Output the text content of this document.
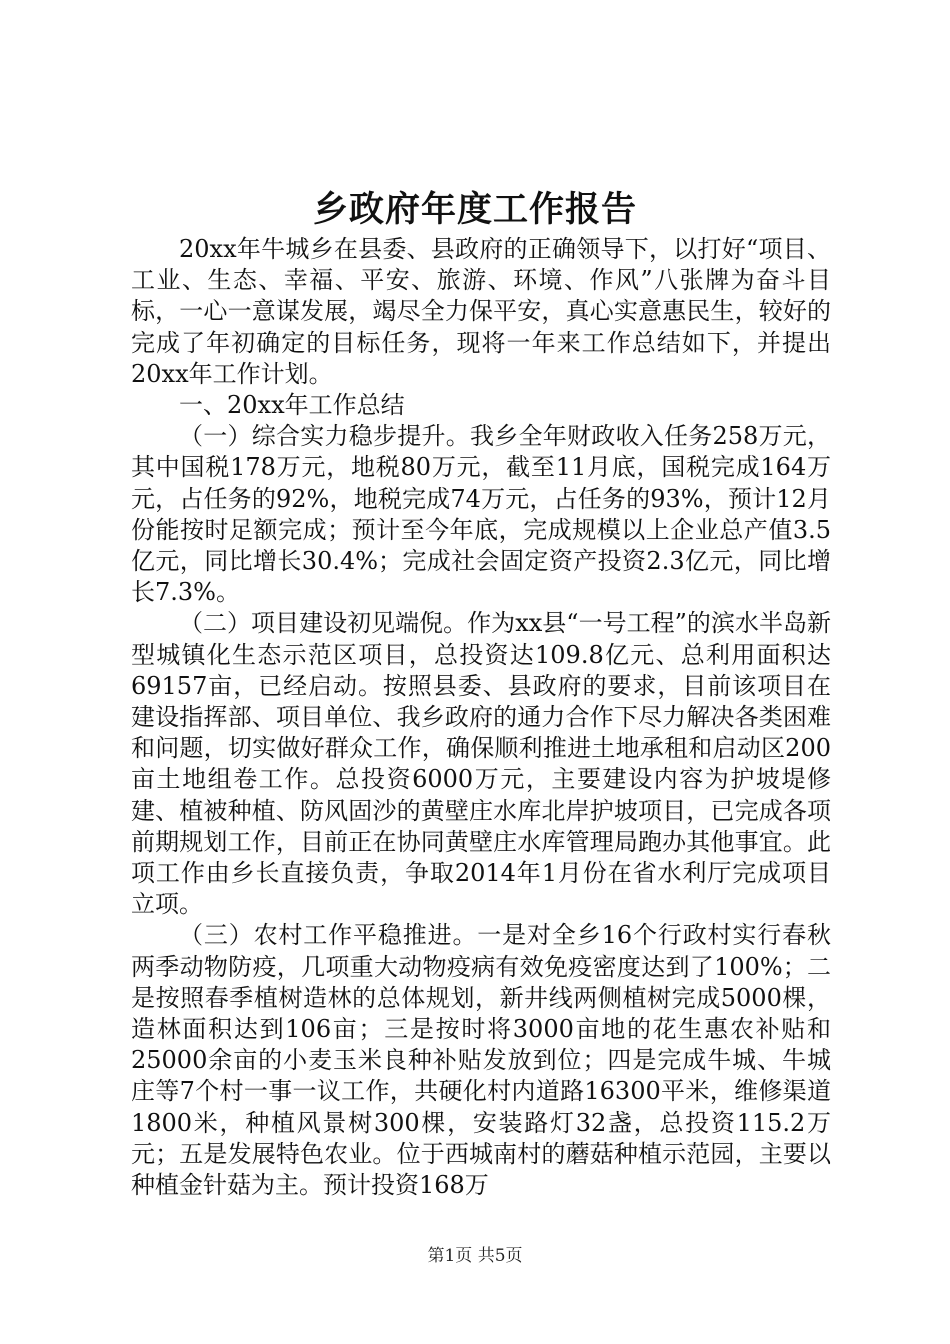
乡政府年度工作报告

20xx年牛城乡在县委、县政府的正确领导下，以打好“项目、工业、生态、幸福、平安、旅游、环境、作风”八张牌为奋斗目标，一心一意谋发展，竭尽全力保平安，真心实意惠民生，较好的完成了年初确定的目标任务，现将一年来工作总结如下，并提出20xx年工作计划。

一、20xx年工作总结

（一）综合实力稳步提升。我乡全年财政收入任务258万元，其中国税178万元，地税80万元，截至11月底，国税完成164万元，占任务的92%，地税完成74万元，占任务的93%，预计12月份能按时足额完成；预计至今年底，完成规模以上企业总产值3.5亿元，同比增长30.4%；完成社会固定资产投资2.3亿元，同比增长7.3%。

（二）项目建设初见端倪。作为xx县“一号工程”的滨水半岛新型城镇化生态示范区项目，总投资达109.8亿元、总利用面积达69157亩，已经启动。按照县委、县政府的要求，目前该项目在建设指挥部、项目单位、我乡政府的通力合作下尽力解决各类困难和问题，切实做好群众工作，确保顺利推进土地承租和启动区200亩土地组卷工作。总投资6000万元，主要建设内容为护坡堤修建、植被种植、防风固沙的黄壁庄水库北岸护坡项目，已完成各项前期规划工作，目前正在协同黄壁庄水库管理局跑办其他事宜。此项工作由乡长直接负责，争取2014年1月份在省水利厅完成项目立项。

（三）农村工作平稳推进。一是对全乡16个行政村实行春秋两季动物防疫，几项重大动物疫病有效免疫密度达到了100%；二是按照春季植树造林的总体规划，新井线两侧植树完成5000棵，造林面积达到106亩；三是按时将3000亩地的花生惠农补贴和25000余亩的小麦玉米良种补贴发放到位；四是完成牛城、牛城庄等7个村一事一议工作，共硬化村内道路16300平米，维修渠道1800米，种植风景树300棵，安装路灯32盏，总投资115.2万元；五是发展特色农业。位于西城南村的蘑菇种植示范园，主要以种植金针菇为主。预计投资168万

第1页 共5页
